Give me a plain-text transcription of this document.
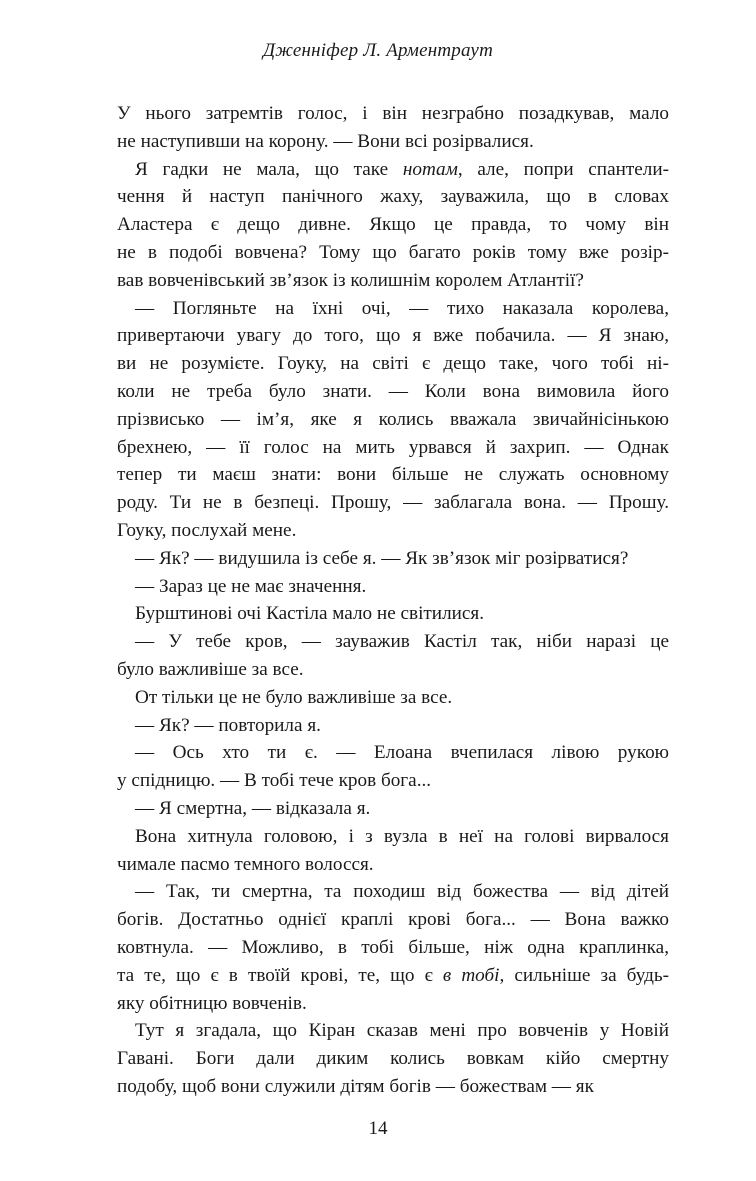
Дженніфер Л. Арментраут
У нього затремтів голос, і він незграбно позадкував, мало
не наступивши на корону. — Вони всі розірвалися.
Я гадки не мала, що таке нотам, але, попри спантели-
чення й наступ панічного жаху, зауважила, що в словах
Аластера є дещо дивне. Якщо це правда, то чому він
не в подобі вовчена? Тому що багато років тому вже розір-
вав вовченівський зв’язок із колишнім королем Атлантії?
— Погляньте на їхні очі, — тихо наказала королева,
привертаючи увагу до того, що я вже побачила. — Я знаю,
ви не розумієте. Гоуку, на світі є дещо таке, чого тобі ні-
коли не треба було знати. — Коли вона вимовила його
прізвисько — ім’я, яке я колись вважала звичайнісінькою
брехнею, — її голос на мить урвався й захрип. — Однак
тепер ти маєш знати: вони більше не служать основному
роду. Ти не в безпеці. Прошу, — заблагала вона. — Прошу.
Гоуку, послухай мене.
— Як? — видушила із себе я. — Як зв’язок міг розірватися?
— Зараз це не має значення.
Бурштинові очі Кастіла мало не світилися.
— У тебе кров, — зауважив Кастіл так, ніби наразі це
було важливіше за все.
От тільки це не було важливіше за все.
— Як? — повторила я.
— Ось хто ти є. — Елоана вчепилася лівою рукою
у спідницю. — В тобі тече кров бога...
— Я смертна, — відказала я.
Вона хитнула головою, і з вузла в неї на голові вирвалося
чимале пасмо темного волосся.
— Так, ти смертна, та походиш від божества — від дітей
богів. Достатньо однієї краплі крові бога... — Вона важко
ковтнула. — Можливо, в тобі більше, ніж одна краплинка,
та те, що є в твоїй крові, те, що є в тобі, сильніше за будь-
яку обітницю вовченів.
Тут я згадала, що Кіран сказав мені про вовченів у Новій
Гавані. Боги дали диким колись вовкам кійо смертну
подобу, щоб вони служили дітям богів — божествам — як
14
